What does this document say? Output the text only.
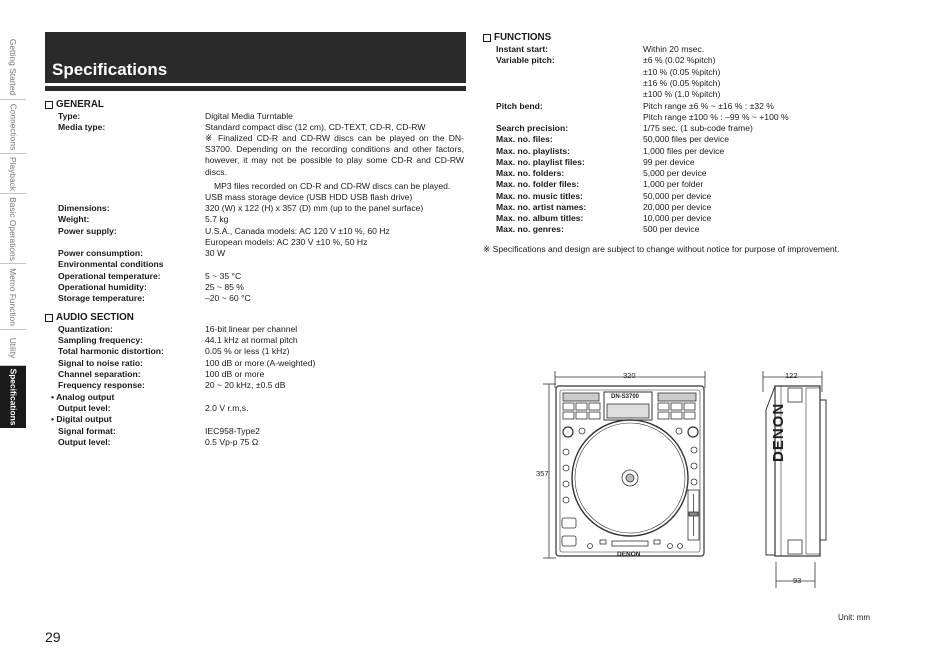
Getting Started
Connections
Playback
Basic Operations
Memo Function
Utility
Specifications
Specifications
GENERAL
Type:	Digital Media Turntable
Media type:	Standard compact disc (12 cm), CD-TEXT, CD-R, CD-RW

※ Finalized CD-R and CD-RW discs can be played on the DN-S3700. Depending on the recording conditions and other factors, however, it may not be possible to play some CD-R and CD-RW discs.

MP3 files recorded on CD-R and CD-RW discs can be played.
USB mass storage device (USB HDD USB flash drive)
Dimensions:	320 (W) x 122 (H) x 357 (D) mm (up to the panel surface)
Weight:	5.7 kg
Power supply:	U.S.A., Canada models: AC 120 V ±10 %, 60 Hz
European models: AC 230 V ±10 %, 50 Hz
Power consumption:	30 W
Environmental conditions
Operational temperature:	5 ~ 35 °C
Operational humidity:	25 ~ 85 %
Storage temperature:	–20 ~ 60 °C
AUDIO SECTION
Quantization:	16-bit linear per channel
Sampling frequency:	44.1 kHz at normal pitch
Total harmonic distortion:	0.05 % or less (1 kHz)
Signal to noise ratio:	100 dB or more (A-weighted)
Channel separation:	100 dB or more
Frequency response:	20 ~ 20 kHz, ±0.5 dB
• Analog output
Output level:	2.0 V r.m,s.
• Digital output
Signal format:	IEC958-Type2
Output level:	0.5 Vp-p 75 Ω
FUNCTIONS
Instant start:	Within 20 msec.
Variable pitch:	±6 % (0.02 %pitch)
±10 % (0.05 %pitch)
±16 % (0.05 %pitch)
±100 % (1.0 %pitch)
Pitch bend:	Pitch range ±6 % ~ ±16 % : ±32 %
Pitch range ±100 % : –99 % ~ +100 %
Search precision:	1/75 sec. (1 sub-code frame)
Max. no. files:	50,000 files per device
Max. no. playlists:	1,000 files per device
Max. no. playlist files:	99 per device
Max. no. folders:	5,000 per device
Max. no. folder files:	1,000 per folder
Max. no. music titles:	50,000 per device
Max. no. artist names:	20,000 per device
Max. no. album titles:	10,000 per device
Max. no. genres:	500 per device
※ Specifications and design are subject to change without notice for purpose of improvement.
320
357
122
93
DN-S3700
DENON
DENON
Unit: mm
29
